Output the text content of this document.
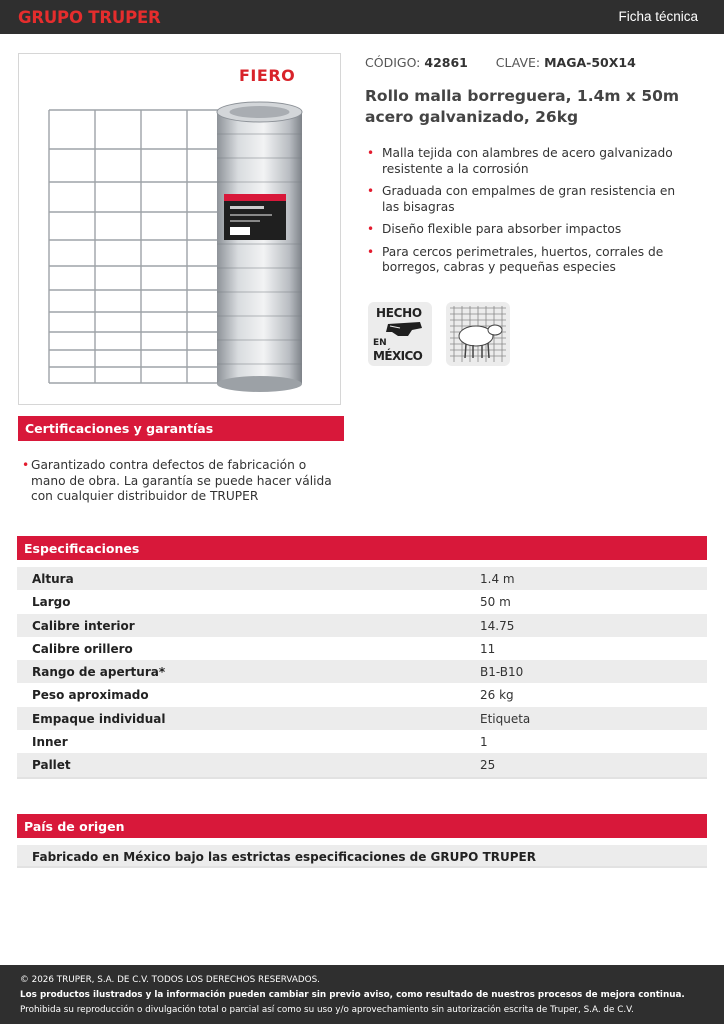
GRUPO TRUPER	Ficha técnica
FIERO
CÓDIGO: 42861 CLAVE: MAGA-50X14
Rollo malla borreguera, 1.4m x 50m acero galvanizado, 26kg
• Malla tejida con alambres de acero galvanizado resistente a la corrosión
• Graduada con empalmes de gran resistencia en las bisagras
• Diseño flexible para absorber impactos
• Para cercos perimetrales, huertos, corrales de borregos, cabras y pequeñas especies
HECHO
EN
MÉXICO
Certificaciones y garantías
• Garantizado contra defectos de fabricación o mano de obra. La garantía se puede hacer válida con cualquier distribuidor de TRUPER
Especificaciones
Altura	1.4 m
Largo	50 m
Calibre interior	14.75
Calibre orillero	11
Rango de apertura*	B1-B10
Peso aproximado	26 kg
Empaque individual	Etiqueta
Inner	1
Pallet	25
País de origen
Fabricado en México bajo las estrictas especificaciones de GRUPO TRUPER

© 2026 TRUPER, S.A. DE C.V. TODOS LOS DERECHOS RESERVADOS.

Los productos ilustrados y la información pueden cambiar sin previo aviso, como resultado de nuestros procesos de mejora continua.

Prohibida su reproducción o divulgación total o parcial así como su uso y/o aprovechamiento sin autorización escrita de Truper, S.A. de C.V.
